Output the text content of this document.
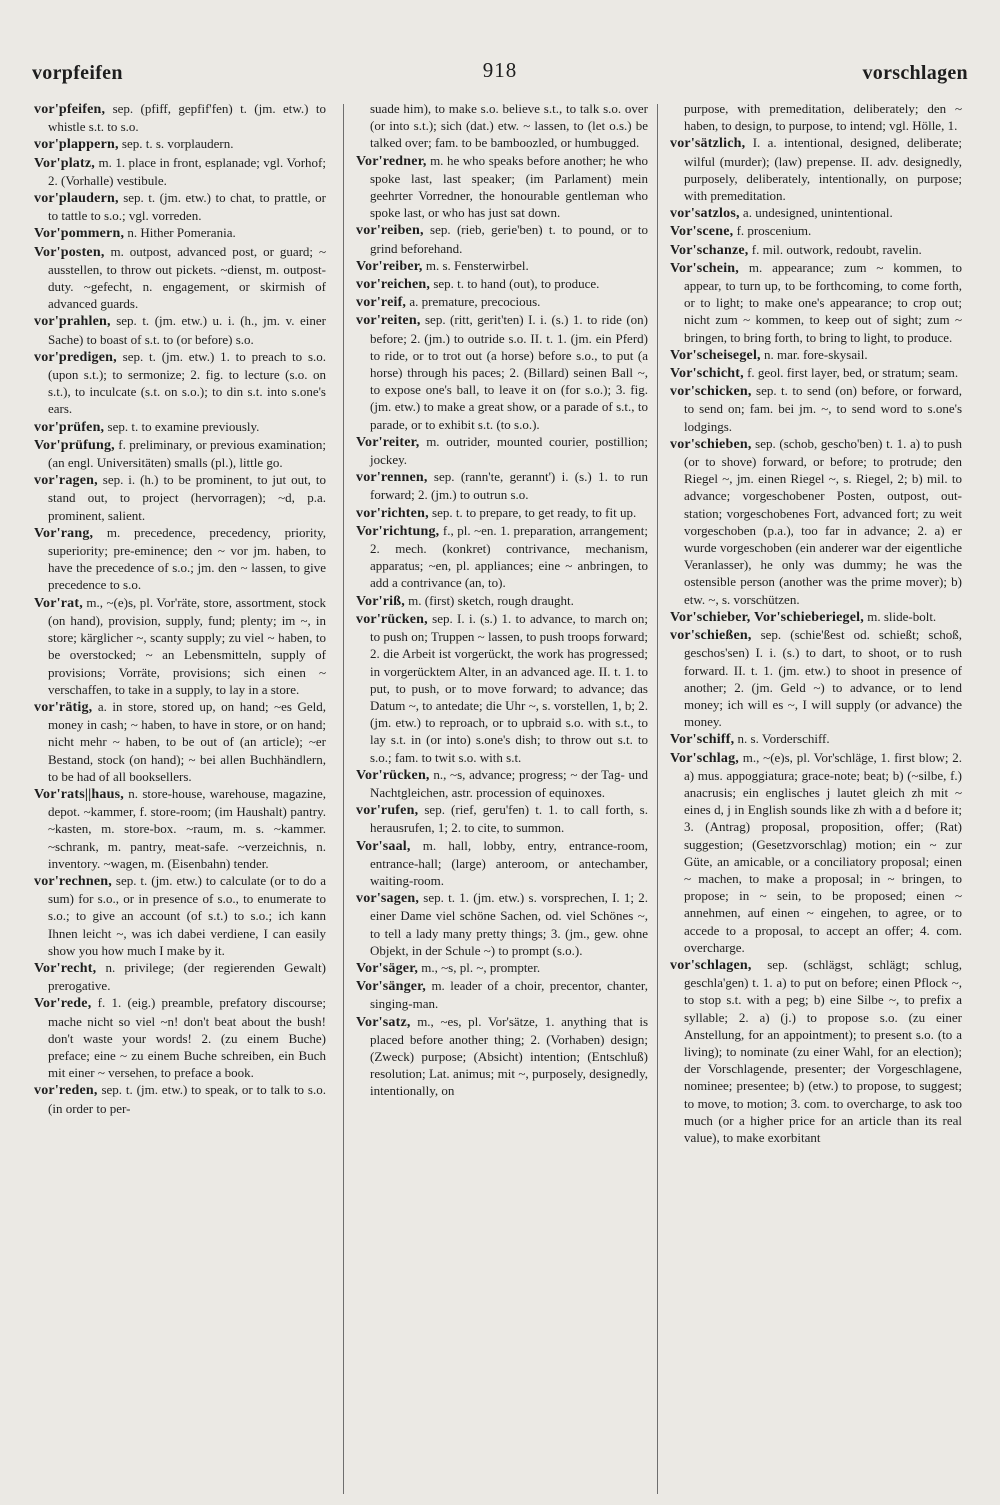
vorpfeifen	918	vorschlagen

vor'pfeifen, sep. (pfiff, gepfif'fen) t. (jm. etw.) to whistle s.t. to s.o.

vor'plappern, sep. t. s. vorplaudern.

Vor'platz, m. 1. place in front, esplanade; vgl. Vorhof; 2. (Vorhalle) vestibule.

vor'plaudern, sep. t. (jm. etw.) to chat, to prattle, or to tattle to s.o.; vgl. vorreden.

Vor'pommern, n. Hither Pomerania.

Vor'posten, m. outpost, advanced post, or guard; ~ ausstellen, to throw out pickets. ~dienst, m. outpost-duty. ~gefecht, n. engagement, or skirmish of advanced guards.

vor'prahlen, sep. t. (jm. etw.) u. i. (h., jm. v. einer Sache) to boast of s.t. to (or before) s.o.

vor'predigen, sep. t. (jm. etw.) 1. to preach to s.o. (upon s.t.); to sermonize; 2. fig. to lecture (s.o. on s.t.), to inculcate (s.t. on s.o.); to din s.t. into s.one's ears.

vor'prüfen, sep. t. to examine previously.

Vor'prüfung, f. preliminary, or previous examination; (an engl. Universitäten) smalls (pl.), little go.

vor'ragen, sep. i. (h.) to be prominent, to jut out, to stand out, to project (hervorragen); ~d, p.a. prominent, salient.

Vor'rang, m. precedence, precedency, priority, superiority; pre-eminence; den ~ vor jm. haben, to have the precedence of s.o.; jm. den ~ lassen, to give precedence to s.o.

Vor'rat, m., ~(e)s, pl. Vor'räte, store, assortment, stock (on hand), provision, supply, fund; plenty; im ~, in store; kärglicher ~, scanty supply; zu viel ~ haben, to be overstocked; ~ an Lebensmitteln, supply of provisions; Vorräte, provisions; sich einen ~ verschaffen, to take in a supply, to lay in a store.

vor'rätig, a. in store, stored up, on hand; ~es Geld, money in cash; ~ haben, to have in store, or on hand; nicht mehr ~ haben, to be out of (an article); ~er Bestand, stock (on hand); ~ bei allen Buchhändlern, to be had of all booksellers.

Vor'rats||haus, n. store-house, warehouse, magazine, depot. ~kammer, f. store-room; (im Haushalt) pantry. ~kasten, m. store-box. ~raum, m. s. ~kammer. ~schrank, m. pantry, meat-safe. ~verzeichnis, n. inventory. ~wagen, m. (Eisenbahn) tender.

vor'rechnen, sep. t. (jm. etw.) to calculate (or to do a sum) for s.o., or in presence of s.o., to enumerate to s.o.; to give an account (of s.t.) to s.o.; ich kann Ihnen leicht ~, was ich dabei verdiene, I can easily show you how much I make by it.

Vor'recht, n. privilege; (der regierenden Gewalt) prerogative.

Vor'rede, f. 1. (eig.) preamble, prefatory discourse; mache nicht so viel ~n! don't beat about the bush! don't waste your words! 2. (zu einem Buche) preface; eine ~ zu einem Buche schreiben, ein Buch mit einer ~ versehen, to preface a book.

vor'reden, sep. t. (jm. etw.) to speak, or to talk to s.o. (in order to per-

suade him), to make s.o. believe s.t., to talk s.o. over (or into s.t.); sich (dat.) etw. ~ lassen, to (let o.s.) be talked over; fam. to be bamboozled, or humbugged.

Vor'redner, m. he who speaks before another; he who spoke last, last speaker; (im Parlament) mein geehrter Vorredner, the honourable gentleman who spoke last, or who has just sat down.

vor'reiben, sep. (rieb, gerie'ben) t. to pound, or to grind beforehand.

Vor'reiber, m. s. Fensterwirbel.

vor'reichen, sep. t. to hand (out), to produce.

vor'reif, a. premature, precocious.

vor'reiten, sep. (ritt, gerit'ten) I. i. (s.) 1. to ride (on) before; 2. (jm.) to outride s.o. II. t. 1. (jm. ein Pferd) to ride, or to trot out (a horse) before s.o., to put (a horse) through his paces; 2. (Billard) seinen Ball ~, to expose one's ball, to leave it on (for s.o.); 3. fig. (jm. etw.) to make a great show, or a parade of s.t., to parade, or to exhibit s.t. (to s.o.).

Vor'reiter, m. outrider, mounted courier, postillion; jockey.

vor'rennen, sep. (rann'te, gerannt') i. (s.) 1. to run forward; 2. (jm.) to outrun s.o.

vor'richten, sep. t. to prepare, to get ready, to fit up.

Vor'richtung, f., pl. ~en. 1. preparation, arrangement; 2. mech. (konkret) contrivance, mechanism, apparatus; ~en, pl. appliances; eine ~ anbringen, to add a contrivance (an, to).

Vor'riß, m. (first) sketch, rough draught.

vor'rücken, sep. I. i. (s.) 1. to advance, to march on; to push on; Truppen ~ lassen, to push troops forward; 2. die Arbeit ist vorgerückt, the work has progressed; in vorgerücktem Alter, in an advanced age. II. t. 1. to put, to push, or to move forward; to advance; das Datum ~, to antedate; die Uhr ~, s. vorstellen, 1, b; 2. (jm. etw.) to reproach, or to upbraid s.o. with s.t., to lay s.t. in (or into) s.one's dish; to throw out s.t. to s.o.; fam. to twit s.o. with s.t.

Vor'rücken, n., ~s, advance; progress; ~ der Tag- und Nachtgleichen, astr. procession of equinoxes.

vor'rufen, sep. (rief, geru'fen) t. 1. to call forth, s. herausrufen, 1; 2. to cite, to summon.

Vor'saal, m. hall, lobby, entry, entrance-room, entrance-hall; (large) anteroom, or antechamber, waiting-room.

vor'sagen, sep. t. 1. (jm. etw.) s. vorsprechen, I. 1; 2. einer Dame viel schöne Sachen, od. viel Schönes ~, to tell a lady many pretty things; 3. (jm., gew. ohne Objekt, in der Schule ~) to prompt (s.o.).

Vor'säger, m., ~s, pl. ~, prompter.

Vor'sänger, m. leader of a choir, precentor, chanter, singing-man.

Vor'satz, m., ~es, pl. Vor'sätze, 1. anything that is placed before another thing; 2. (Vorhaben) design; (Zweck) purpose; (Absicht) intention; (Entschluß) resolution; Lat. animus; mit ~, purposely, designedly, intentionally, on

purpose, with premeditation, deliberately; den ~ haben, to design, to purpose, to intend; vgl. Hölle, 1.

vor'sätzlich, I. a. intentional, designed, deliberate; wilful (murder); (law) prepense. II. adv. designedly, purposely, deliberately, intentionally, on purpose; with premeditation.

vor'satzlos, a. undesigned, unintentional.

Vor'scene, f. proscenium.

Vor'schanze, f. mil. outwork, redoubt, ravelin.

Vor'schein, m. appearance; zum ~ kommen, to appear, to turn up, to be forthcoming, to come forth, or to light; to make one's appearance; to crop out; nicht zum ~ kommen, to keep out of sight; zum ~ bringen, to bring forth, to bring to light, to produce.

Vor'scheisegel, n. mar. fore-skysail.

Vor'schicht, f. geol. first layer, bed, or stratum; seam.

vor'schicken, sep. t. to send (on) before, or forward, to send on; fam. bei jm. ~, to send word to s.one's lodgings.

vor'schieben, sep. (schob, gescho'ben) t. 1. a) to push (or to shove) forward, or before; to protrude; den Riegel ~, jm. einen Riegel ~, s. Riegel, 2; b) mil. to advance; vorgeschobener Posten, outpost, out-station; vorgeschobenes Fort, advanced fort; zu weit vorgeschoben (p.a.), too far in advance; 2. a) er wurde vorgeschoben (ein anderer war der eigentliche Veranlasser), he only was dummy; he was the ostensible person (another was the prime mover); b) etw. ~, s. vorschützen.

Vor'schieber, Vor'schieberiegel, m. slide-bolt.

vor'schießen, sep. (schie'ßest od. schießt; schoß, geschos'sen) I. i. (s.) to dart, to shoot, or to rush forward. II. t. 1. (jm. etw.) to shoot in presence of another; 2. (jm. Geld ~) to advance, or to lend money; ich will es ~, I will supply (or advance) the money.

Vor'schiff, n. s. Vorderschiff.

Vor'schlag, m., ~(e)s, pl. Vor'schläge, 1. first blow; 2. a) mus. appoggiatura; grace-note; beat; b) (~silbe, f.) anacrusis; ein englisches j lautet gleich zh mit ~ eines d, j in English sounds like zh with a d before it; 3. (Antrag) proposal, proposition, offer; (Rat) suggestion; (Gesetzvorschlag) motion; ein ~ zur Güte, an amicable, or a conciliatory proposal; einen ~ machen, to make a proposal; in ~ bringen, to propose; in ~ sein, to be proposed; einen ~ annehmen, auf einen ~ eingehen, to agree, or to accede to a proposal, to accept an offer; 4. com. overcharge.

vor'schlagen, sep. (schlägst, schlägt; schlug, geschla'gen) t. 1. a) to put on before; einen Pflock ~, to stop s.t. with a peg; b) eine Silbe ~, to prefix a syllable; 2. a) (j.) to propose s.o. (zu einer Anstellung, for an appointment); to present s.o. (to a living); to nominate (zu einer Wahl, for an election); der Vorschlagende, presenter; der Vorgeschlagene, nominee; presentee; b) (etw.) to propose, to suggest; to move, to motion; 3. com. to overcharge, to ask too much (or a higher price for an article than its real value), to make exorbitant
